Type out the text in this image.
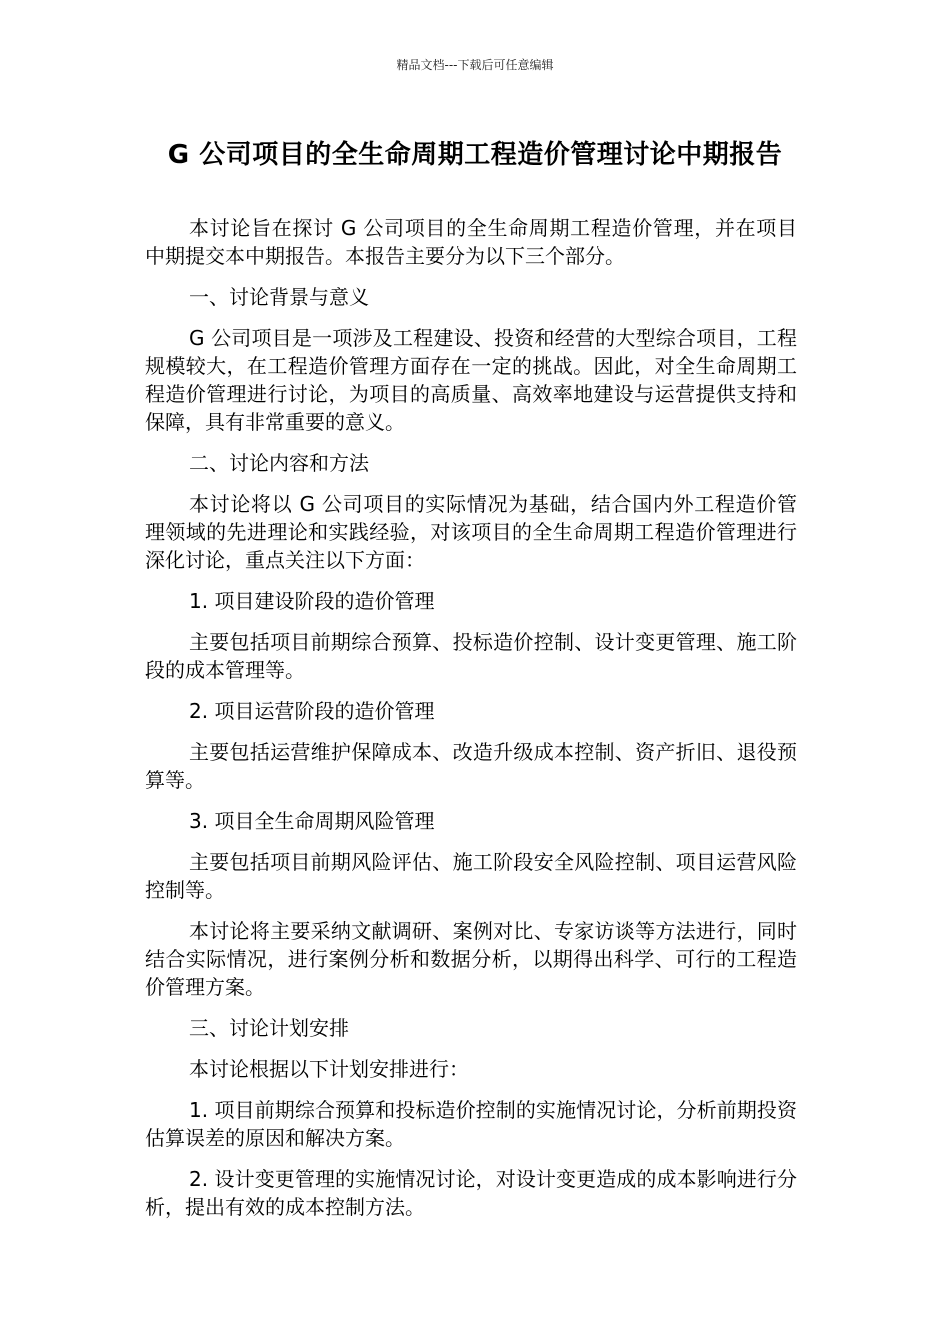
精品文档---下载后可任意编辑
G 公司项目的全生命周期工程造价管理讨论中期报告

本讨论旨在探讨 G 公司项目的全生命周期工程造价管理，并在项目中期提交本中期报告。本报告主要分为以下三个部分。

一、讨论背景与意义

G 公司项目是一项涉及工程建设、投资和经营的大型综合项目，工程规模较大，在工程造价管理方面存在一定的挑战。因此，对全生命周期工程造价管理进行讨论，为项目的高质量、高效率地建设与运营提供支持和保障，具有非常重要的意义。

二、讨论内容和方法

本讨论将以 G 公司项目的实际情况为基础，结合国内外工程造价管理领域的先进理论和实践经验，对该项目的全生命周期工程造价管理进行深化讨论，重点关注以下方面：

1. 项目建设阶段的造价管理

主要包括项目前期综合预算、投标造价控制、设计变更管理、施工阶段的成本管理等。

2. 项目运营阶段的造价管理

主要包括运营维护保障成本、改造升级成本控制、资产折旧、退役预算等。

3. 项目全生命周期风险管理

主要包括项目前期风险评估、施工阶段安全风险控制、项目运营风险控制等。

本讨论将主要采纳文献调研、案例对比、专家访谈等方法进行，同时结合实际情况，进行案例分析和数据分析，以期得出科学、可行的工程造价管理方案。

三、讨论计划安排

本讨论根据以下计划安排进行：

1. 项目前期综合预算和投标造价控制的实施情况讨论，分析前期投资估算误差的原因和解决方案。

2. 设计变更管理的实施情况讨论，对设计变更造成的成本影响进行分析，提出有效的成本控制方法。
